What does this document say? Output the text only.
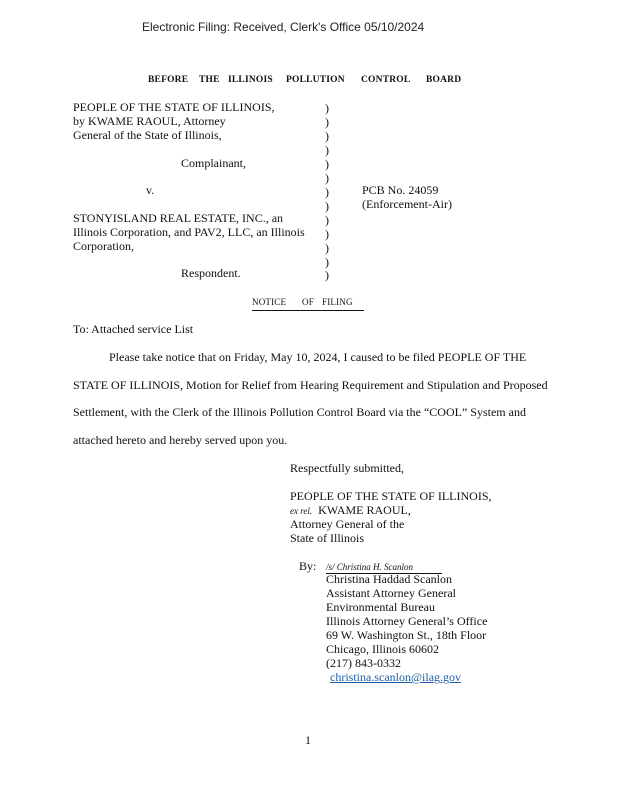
Electronic Filing: Received, Clerk's Office 05/10/2024
BEFORE THE ILLINOIS POLLUTION CONTROL BOARD
PEOPLE OF THE STATE OF ILLINOIS,
by KWAME RAOUL, Attorney
General of the State of Illinois,
Complainant,
v.
STONYISLAND REAL ESTATE, INC., an
Illinois Corporation, and PAV2, LLC, an Illinois
Corporation,
Respondent.
)
)
)
)
)
)
)
)
)
)
)
)
)
PCB No. 24059
(Enforcement-Air)
NOTICE OF FILING
To: Attached service List
Please take notice that on Friday, May 10, 2024, I caused to be filed PEOPLE OF THE
STATE OF ILLINOIS, Motion for Relief from Hearing Requirement and Stipulation and Proposed
Settlement, with the Clerk of the Illinois Pollution Control Board via the “COOL” System and
attached hereto and hereby served upon you.
Respectfully submitted,
PEOPLE OF THE STATE OF ILLINOIS,
ex rel. KWAME RAOUL,
Attorney General of the
State of Illinois
By: /s/ Christina H. Scanlon
Christina Haddad Scanlon
Assistant Attorney General
Environmental Bureau
Illinois Attorney General’s Office
69 W. Washington St., 18th Floor
Chicago, Illinois 60602
(217) 843-0332
christina.scanlon@ilag.gov
1
